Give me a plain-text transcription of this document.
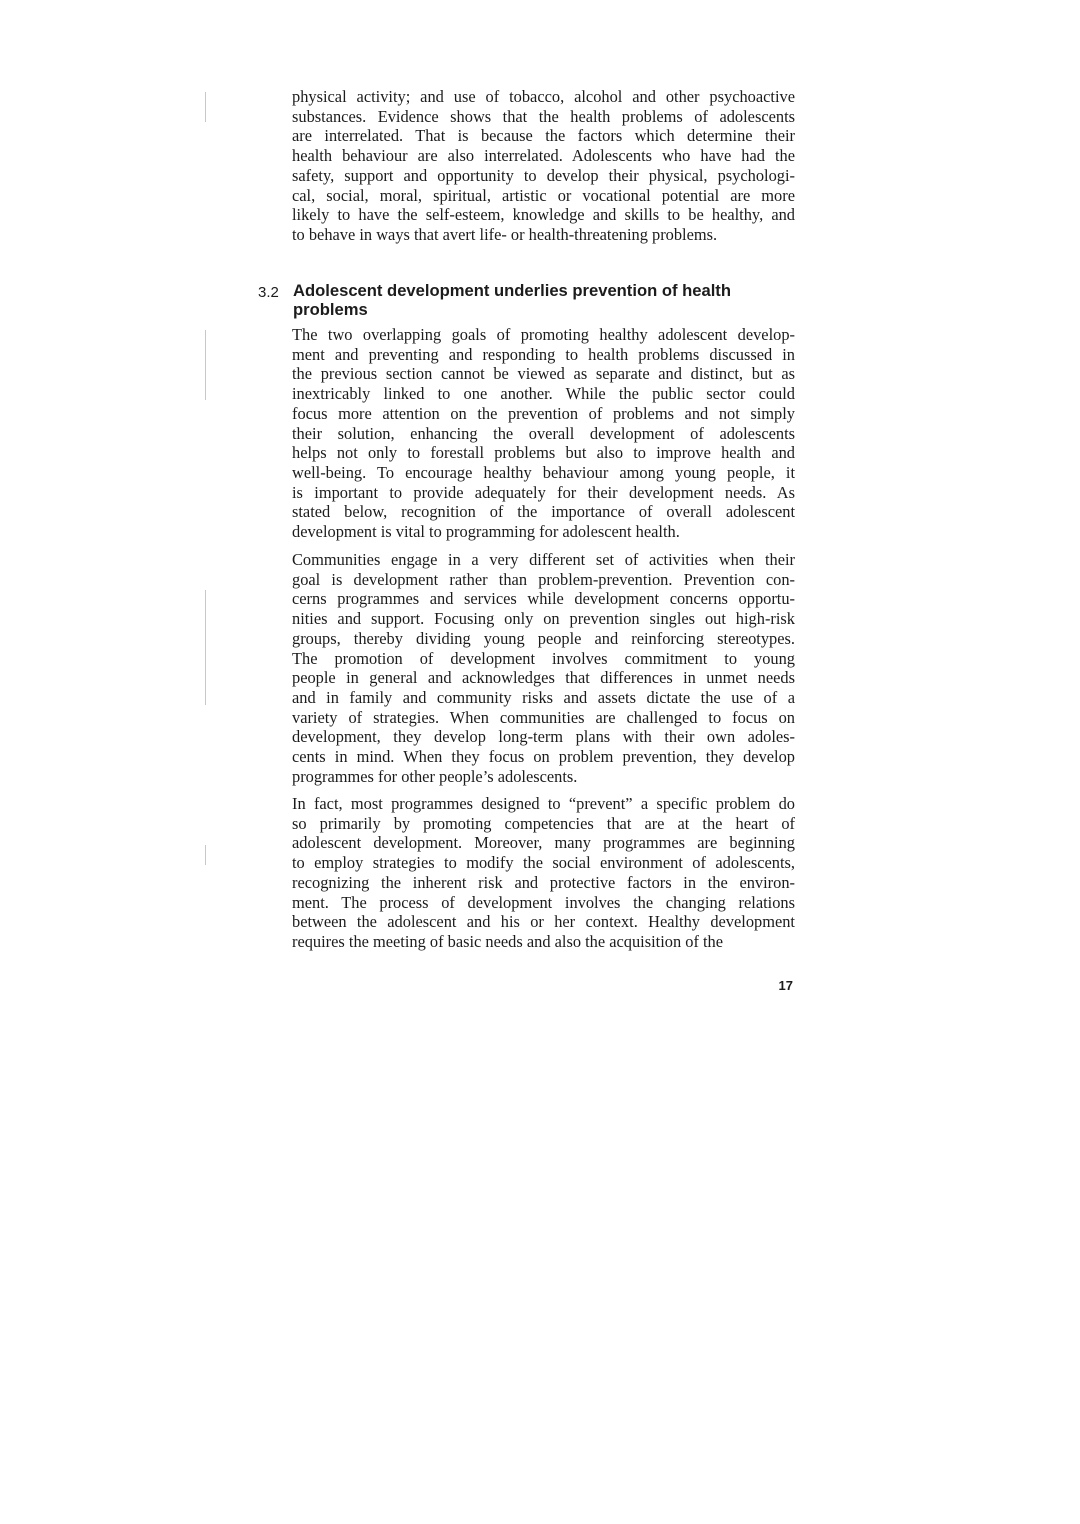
physical activity; and use of tobacco, alcohol and other psychoactive
substances. Evidence shows that the health problems of adolescents
are interrelated. That is because the factors which determine their
health behaviour are also interrelated. Adolescents who have had the
safety, support and opportunity to develop their physical, psychologi-
cal, social, moral, spiritual, artistic or vocational potential are more
likely to have the self-esteem, knowledge and skills to be healthy, and
to behave in ways that avert life- or health-threatening problems.

3.2 Adolescent development underlies prevention of health problems

The two overlapping goals of promoting healthy adolescent develop-
ment and preventing and responding to health problems discussed in
the previous section cannot be viewed as separate and distinct, but as
inextricably linked to one another. While the public sector could
focus more attention on the prevention of problems and not simply
their solution, enhancing the overall development of adolescents
helps not only to forestall problems but also to improve health and
well-being. To encourage healthy behaviour among young people, it
is important to provide adequately for their development needs. As
stated below, recognition of the importance of overall adolescent
development is vital to programming for adolescent health.

Communities engage in a very different set of activities when their
goal is development rather than problem-prevention. Prevention con-
cerns programmes and services while development concerns opportu-
nities and support. Focusing only on prevention singles out high-risk
groups, thereby dividing young people and reinforcing stereotypes.
The promotion of development involves commitment to young
people in general and acknowledges that differences in unmet needs
and in family and community risks and assets dictate the use of a
variety of strategies. When communities are challenged to focus on
development, they develop long-term plans with their own adoles-
cents in mind. When they focus on problem prevention, they develop
programmes for other people’s adolescents.

In fact, most programmes designed to “prevent” a specific problem do
so primarily by promoting competencies that are at the heart of
adolescent development. Moreover, many programmes are beginning
to employ strategies to modify the social environment of adolescents,
recognizing the inherent risk and protective factors in the environ-
ment. The process of development involves the changing relations
between the adolescent and his or her context. Healthy development
requires the meeting of basic needs and also the acquisition of the

17
